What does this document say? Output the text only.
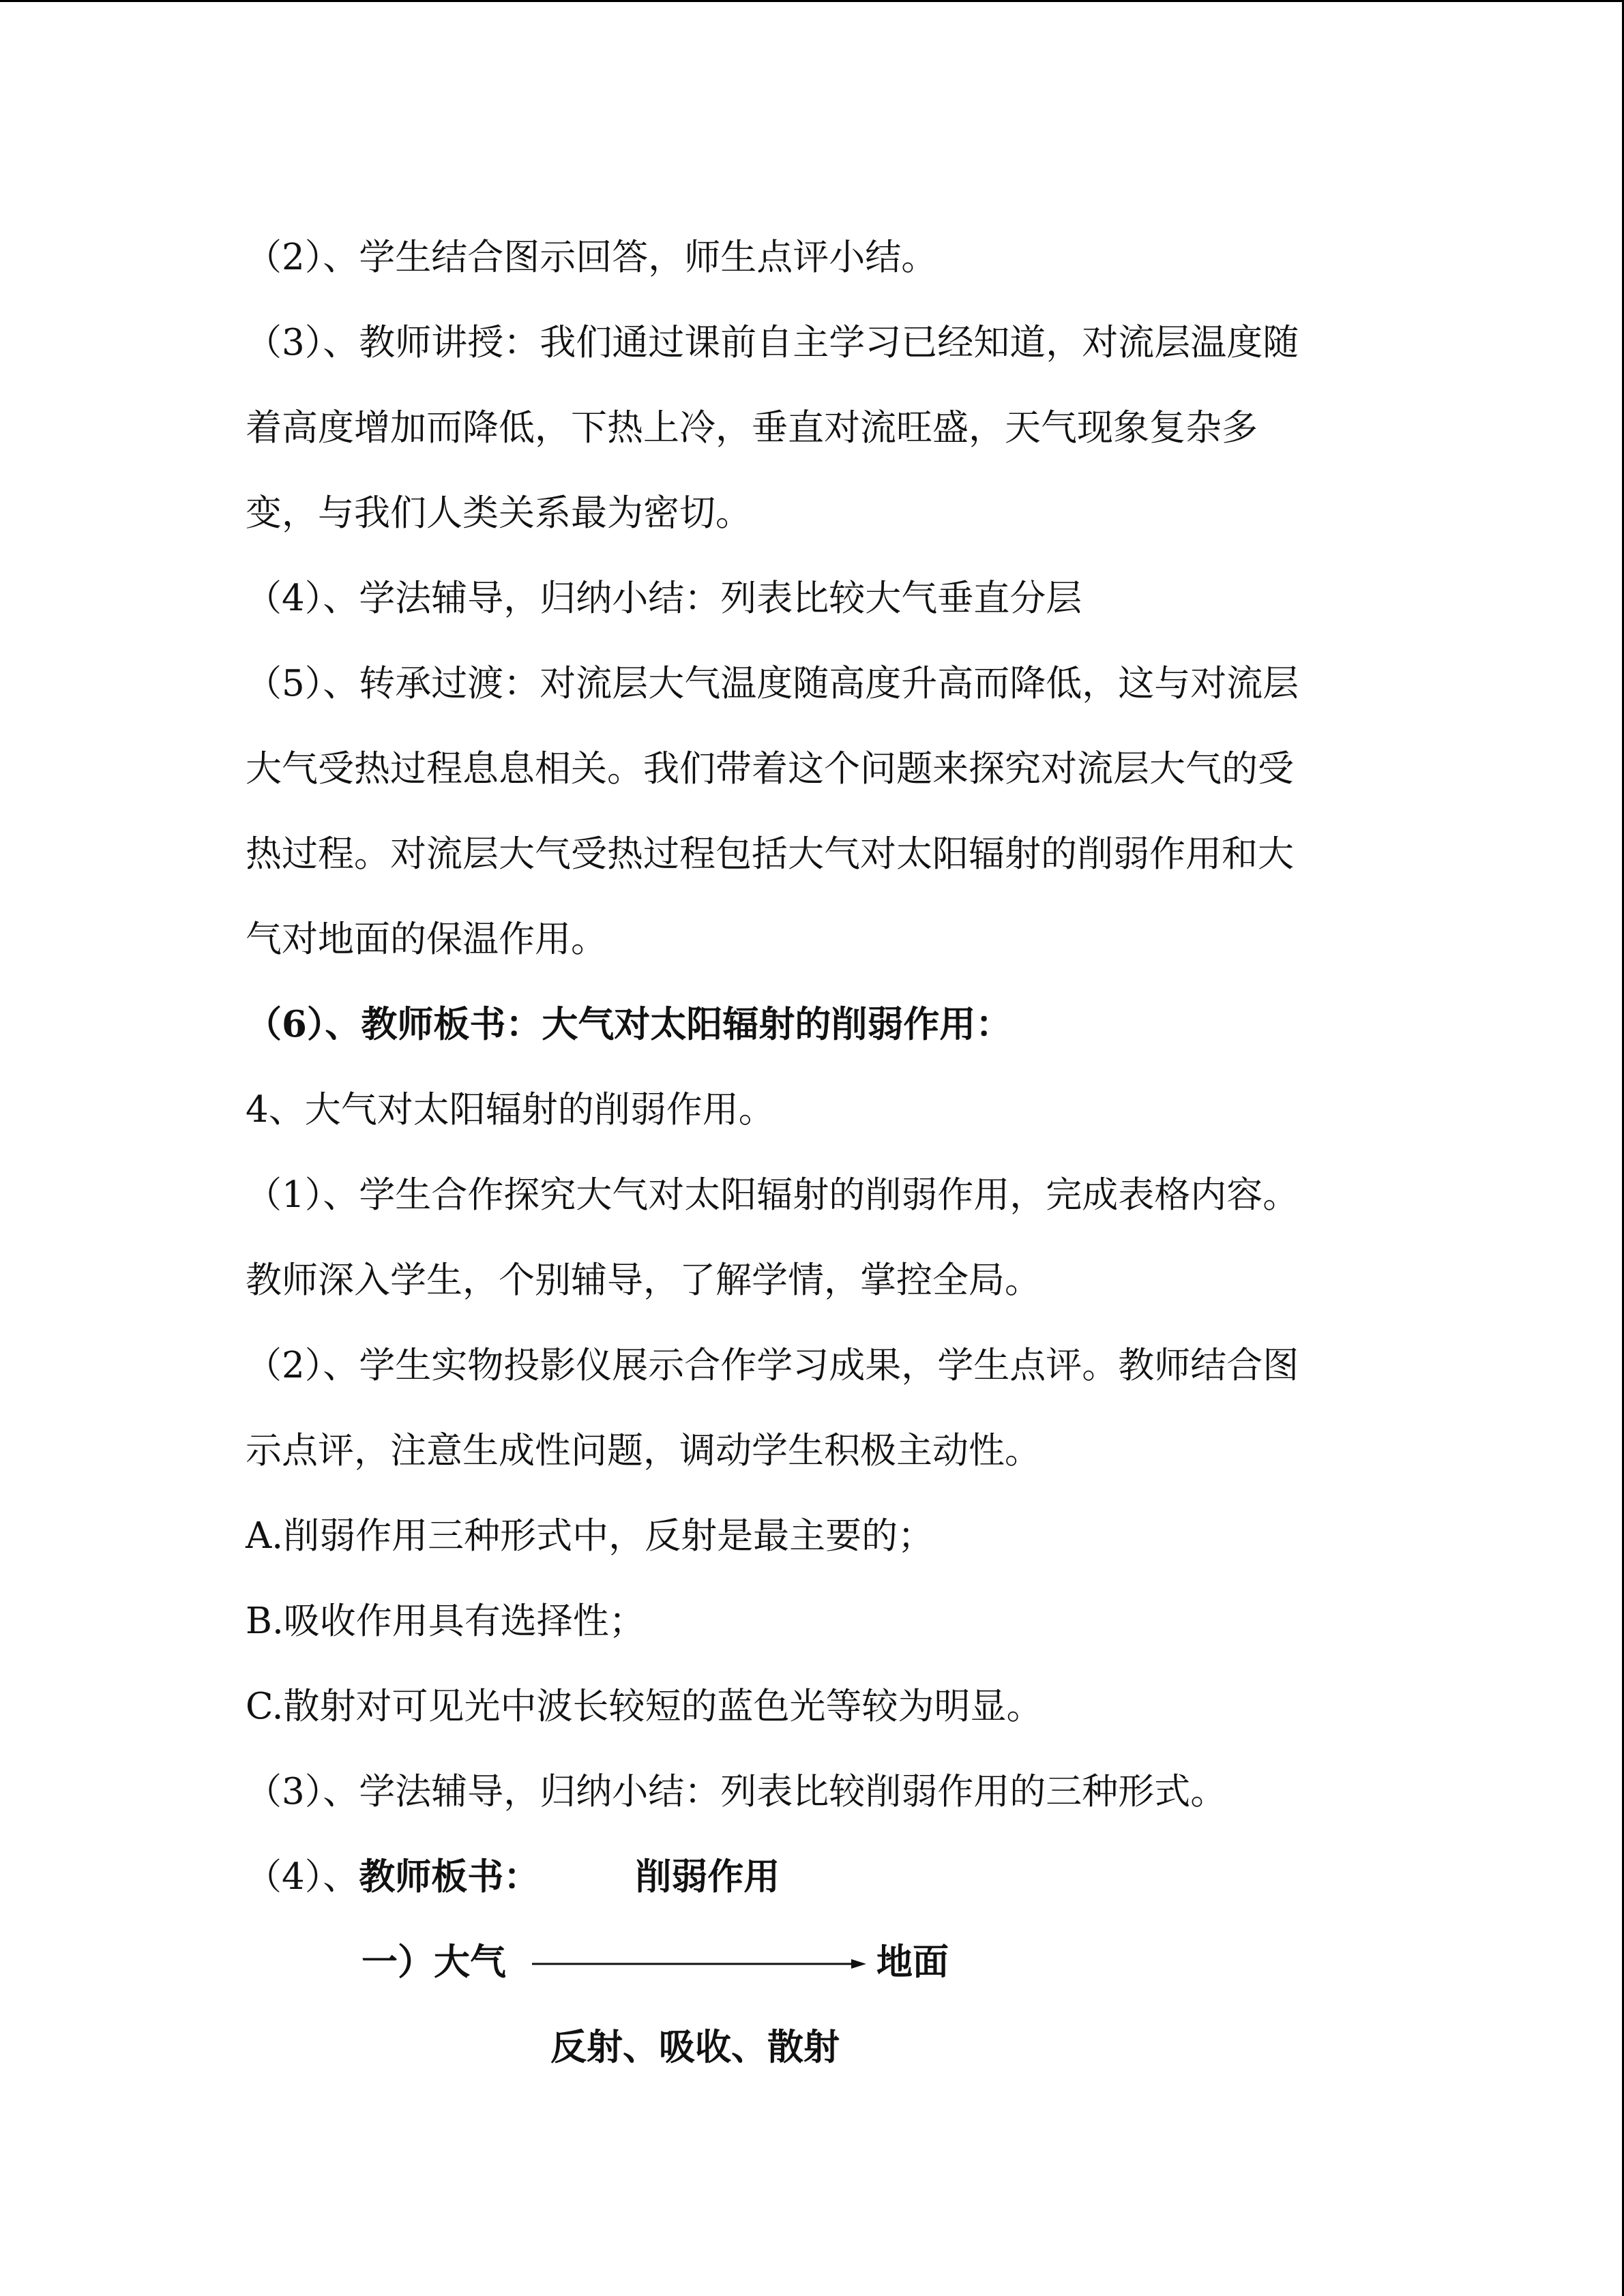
（2）、学生结合图示回答，师生点评小结。
（3）、教师讲授：我们通过课前自主学习已经知道，对流层温度随
着高度增加而降低，下热上冷，垂直对流旺盛，天气现象复杂多
变，与我们人类关系最为密切。
（4）、学法辅导，归纳小结：列表比较大气垂直分层
（5）、转承过渡：对流层大气温度随高度升高而降低，这与对流层
大气受热过程息息相关。我们带着这个问题来探究对流层大气的受
热过程。对流层大气受热过程包括大气对太阳辐射的削弱作用和大
气对地面的保温作用。
（6）、教师板书：大气对太阳辐射的削弱作用：
4、大气对太阳辐射的削弱作用。
（1）、学生合作探究大气对太阳辐射的削弱作用，完成表格内容。
教师深入学生，个别辅导，了解学情，掌控全局。
（2）、学生实物投影仪展示合作学习成果，学生点评。教师结合图
示点评，注意生成性问题，调动学生积极主动性。
A.削弱作用三种形式中，反射是最主要的；
B.吸收作用具有选择性；
C.散射对可见光中波长较短的蓝色光等较为明显。
（3）、学法辅导，归纳小结：列表比较削弱作用的三种形式。
（4）、教师板书：	削弱作用
一）大气	地面
反射、吸收、散射
